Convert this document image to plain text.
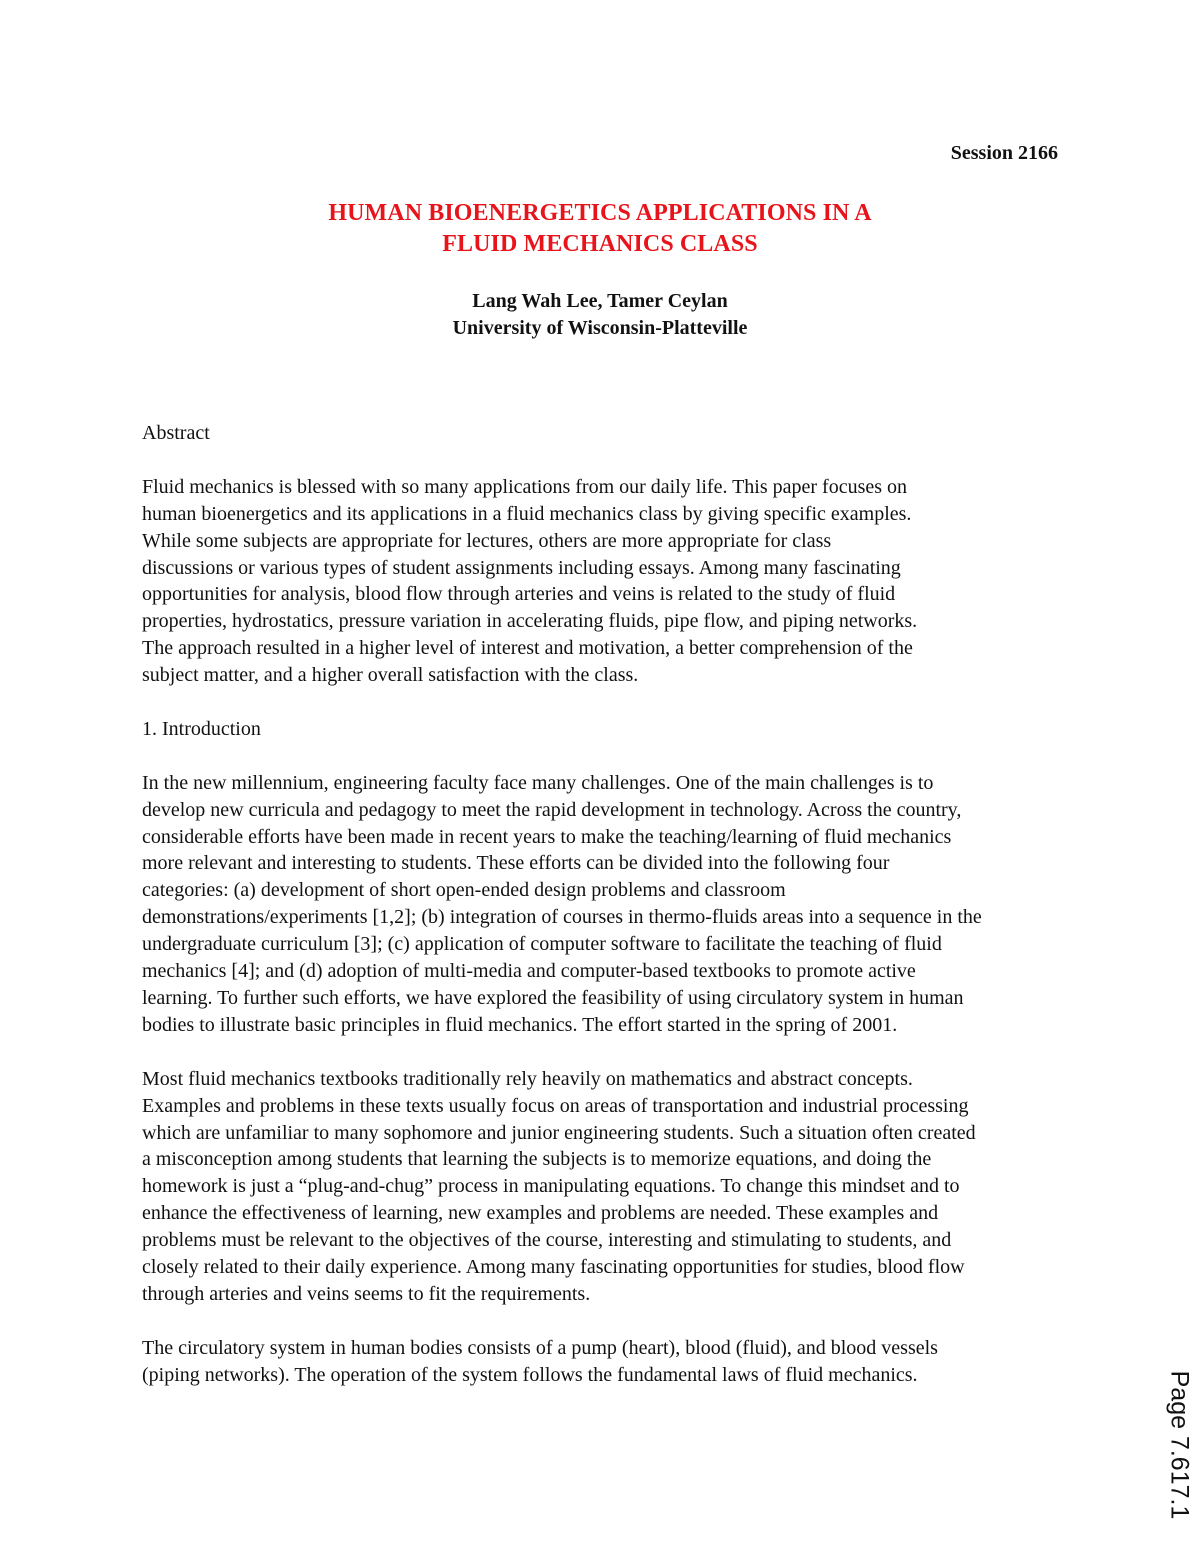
Session 2166

HUMAN BIOENERGETICS APPLICATIONS IN A
FLUID MECHANICS CLASS
Lang Wah Lee, Tamer Ceylan
University of Wisconsin-Platteville

Abstract

Fluid mechanics is blessed with so many applications from our daily life. This paper focuses on
human bioenergetics and its applications in a fluid mechanics class by giving specific examples.
While some subjects are appropriate for lectures, others are more appropriate for class
discussions or various types of student assignments including essays. Among many fascinating
opportunities for analysis, blood flow through arteries and veins is related to the study of fluid
properties, hydrostatics, pressure variation in accelerating fluids, pipe flow, and piping networks.
The approach resulted in a higher level of interest and motivation, a better comprehension of the
subject matter, and a higher overall satisfaction with the class.

1. Introduction

In the new millennium, engineering faculty face many challenges. One of the main challenges is to
develop new curricula and pedagogy to meet the rapid development in technology. Across the country,
considerable efforts have been made in recent years to make the teaching/learning of fluid mechanics
more relevant and interesting to students. These efforts can be divided into the following four
categories: (a) development of short open-ended design problems and classroom
demonstrations/experiments [1,2]; (b) integration of courses in thermo-fluids areas into a sequence in the
undergraduate curriculum [3]; (c) application of computer software to facilitate the teaching of fluid
mechanics [4]; and (d) adoption of multi-media and computer-based textbooks to promote active
learning. To further such efforts, we have explored the feasibility of using circulatory system in human
bodies to illustrate basic principles in fluid mechanics. The effort started in the spring of 2001.

Most fluid mechanics textbooks traditionally rely heavily on mathematics and abstract concepts.
Examples and problems in these texts usually focus on areas of transportation and industrial processing
which are unfamiliar to many sophomore and junior engineering students. Such a situation often created
a misconception among students that learning the subjects is to memorize equations, and doing the
homework is just a “plug-and-chug” process in manipulating equations. To change this mindset and to
enhance the effectiveness of learning, new examples and problems are needed. These examples and
problems must be relevant to the objectives of the course, interesting and stimulating to students, and
closely related to their daily experience. Among many fascinating opportunities for studies, blood flow
through arteries and veins seems to fit the requirements.

The circulatory system in human bodies consists of a pump (heart), blood (fluid), and blood vessels
(piping networks). The operation of the system follows the fundamental laws of fluid mechanics.	Page 7.617.1
